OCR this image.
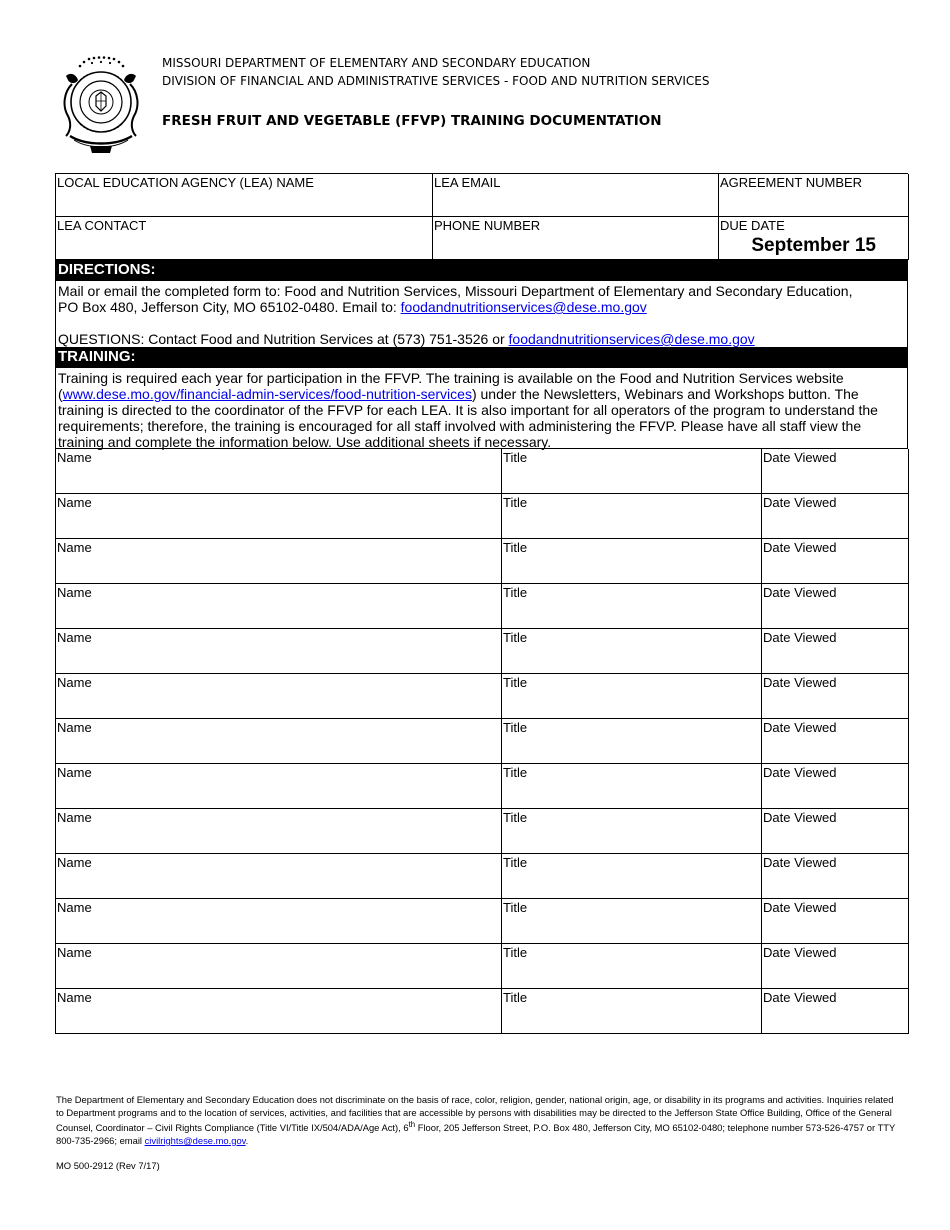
MISSOURI DEPARTMENT OF ELEMENTARY AND SECONDARY EDUCATION
DIVISION OF FINANCIAL AND ADMINISTRATIVE SERVICES - FOOD AND NUTRITION SERVICES
FRESH FRUIT AND VEGETABLE (FFVP) TRAINING DOCUMENTATION
LOCAL EDUCATION AGENCY (LEA) NAME	LEA EMAIL	AGREEMENT NUMBER
LEA CONTACT	PHONE NUMBER	DUE DATE
September 15
DIRECTIONS:

Mail or email the completed form to: Food and Nutrition Services, Missouri Department of Elementary and Secondary Education,

PO Box 480, Jefferson City, MO 65102-0480. Email to: foodandnutritionservices@dese.mo.gov

QUESTIONS: Contact Food and Nutrition Services at (573) 751-3526 or foodandnutritionservices@dese.mo.gov

TRAINING:

Training is required each year for participation in the FFVP. The training is available on the Food and Nutrition Services website (www.dese.mo.gov/financial-admin-services/food-nutrition-services) under the Newsletters, Webinars and Workshops button. The training is directed to the coordinator of the FFVP for each LEA. It is also important for all operators of the program to understand the requirements; therefore, the training is encouraged for all staff involved with administering the FFVP. Please have all staff view the training and complete the information below. Use additional sheets if necessary.

Name	Title	Date Viewed
Name	Title	Date Viewed
Name	Title	Date Viewed
Name	Title	Date Viewed
Name	Title	Date Viewed
Name	Title	Date Viewed
Name	Title	Date Viewed
Name	Title	Date Viewed
Name	Title	Date Viewed
Name	Title	Date Viewed
Name	Title	Date Viewed
Name	Title	Date Viewed
Name	Title	Date Viewed
The Department of Elementary and Secondary Education does not discriminate on the basis of race, color, religion, gender, national origin, age, or disability in its programs and activities. Inquiries related to Department programs and to the location of services, activities, and facilities that are accessible by persons with disabilities may be directed to the Jefferson State Office Building, Office of the General Counsel, Coordinator – Civil Rights Compliance (Title VI/Title IX/504/ADA/Age Act), 6th Floor, 205 Jefferson Street, P.O. Box 480, Jefferson City, MO 65102-0480; telephone number 573-526-4757 or TTY 800-735-2966; email civilrights@dese.mo.gov.
MO 500-2912 (Rev 7/17)
